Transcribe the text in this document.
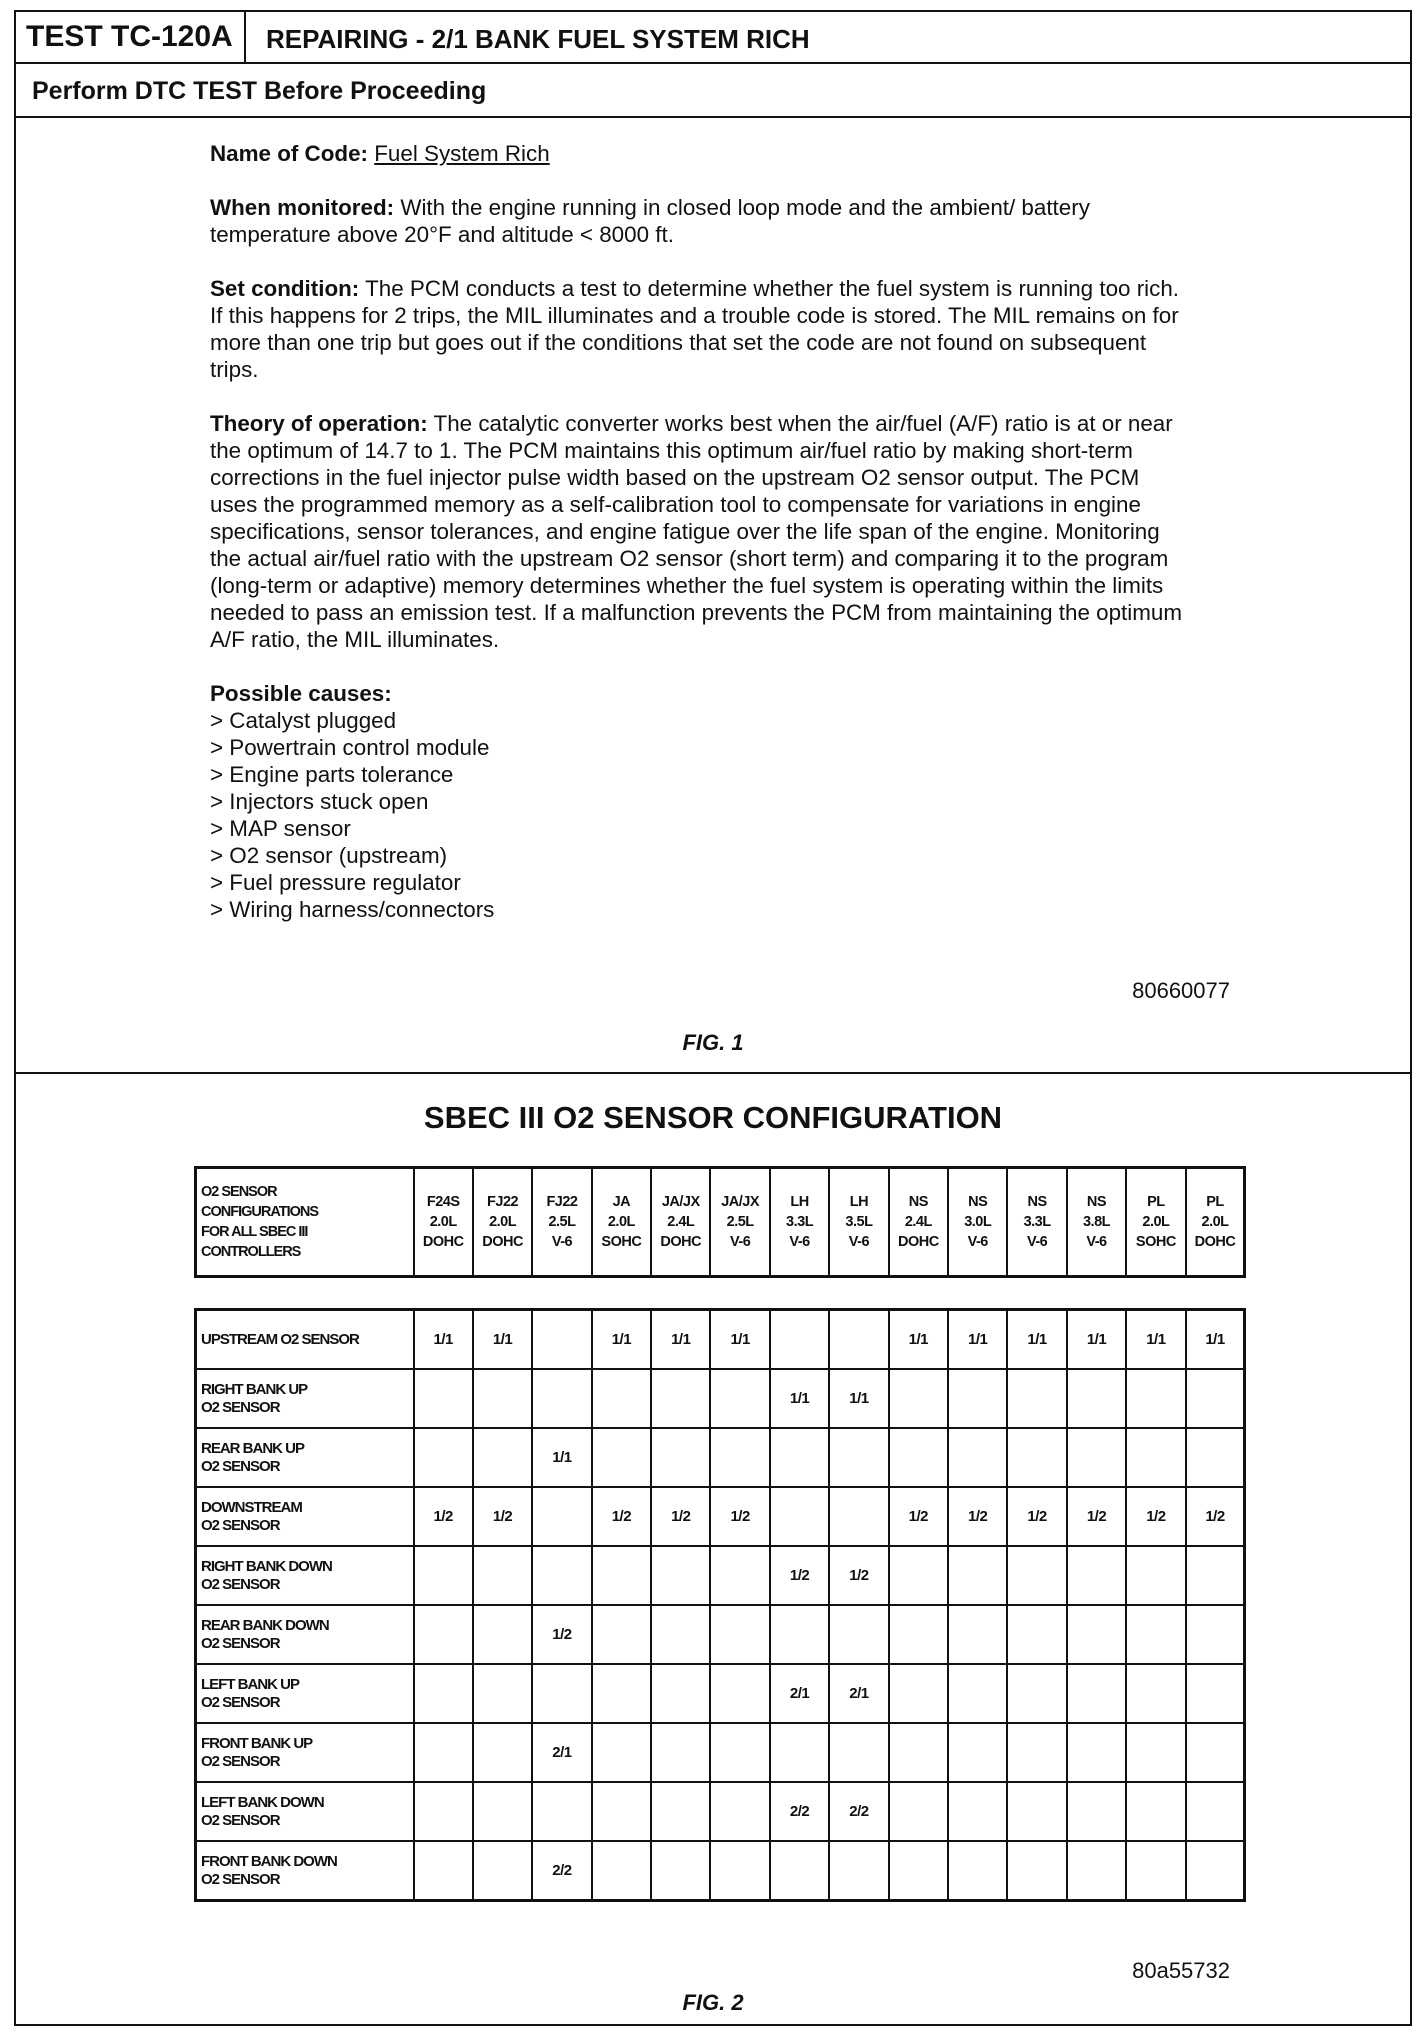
TEST TC-120A	REPAIRING - 2/1 BANK FUEL SYSTEM RICH
Perform DTC TEST Before Proceeding

Name of Code: Fuel System Rich

When monitored: With the engine running in closed loop mode and the ambient/ battery temperature above 20°F and altitude < 8000 ft.

Set condition: The PCM conducts a test to determine whether the fuel system is running too rich. If this happens for 2 trips, the MIL illuminates and a trouble code is stored. The MIL remains on for more than one trip but goes out if the conditions that set the code are not found on subsequent trips.

Theory of operation: The catalytic converter works best when the air/fuel (A/F) ratio is at or near the optimum of 14.7 to 1. The PCM maintains this optimum air/fuel ratio by making short-term corrections in the fuel injector pulse width based on the upstream O2 sensor output. The PCM uses the programmed memory as a self-calibration tool to compensate for variations in engine specifications, sensor tolerances, and engine fatigue over the life span of the engine. Monitoring the actual air/fuel ratio with the upstream O2 sensor (short term) and comparing it to the program (long-term or adaptive) memory determines whether the fuel system is operating within the limits needed to pass an emission test. If a malfunction prevents the PCM from maintaining the optimum A/F ratio, the MIL illuminates.

Possible causes:
> Catalyst plugged
> Powertrain control module
> Engine parts tolerance
> Injectors stuck open
> MAP sensor
> O2 sensor (upstream)
> Fuel pressure regulator
> Wiring harness/connectors
80660077
FIG. 1
SBEC III O2 SENSOR CONFIGURATION
O2 SENSOR
CONFIGURATIONS
FOR ALL SBEC III
CONTROLLERS	F24S
2.0L
DOHC	FJ22
2.0L
DOHC	FJ22
2.5L
V-6	JA
2.0L
SOHC	JA/JX
2.4L
DOHC	JA/JX
2.5L
V-6	LH
3.3L
V-6	LH
3.5L
V-6	NS
2.4L
DOHC	NS
3.0L
V-6	NS
3.3L
V-6	NS
3.8L
V-6	PL
2.0L
SOHC	PL
2.0L
DOHC
UPSTREAM O2 SENSOR	1/1	1/1		1/1	1/1	1/1			1/1	1/1	1/1	1/1	1/1	1/1
RIGHT BANK UP
O2 SENSOR							1/1	1/1						
REAR BANK UP
O2 SENSOR			1/1											
DOWNSTREAM
O2 SENSOR	1/2	1/2		1/2	1/2	1/2			1/2	1/2	1/2	1/2	1/2	1/2
RIGHT BANK DOWN
O2 SENSOR							1/2	1/2						
REAR BANK DOWN
O2 SENSOR			1/2											
LEFT BANK UP
O2 SENSOR							2/1	2/1						
FRONT BANK UP
O2 SENSOR			2/1											
LEFT BANK DOWN
O2 SENSOR							2/2	2/2						
FRONT BANK DOWN
O2 SENSOR			2/2											
80a55732
FIG. 2
